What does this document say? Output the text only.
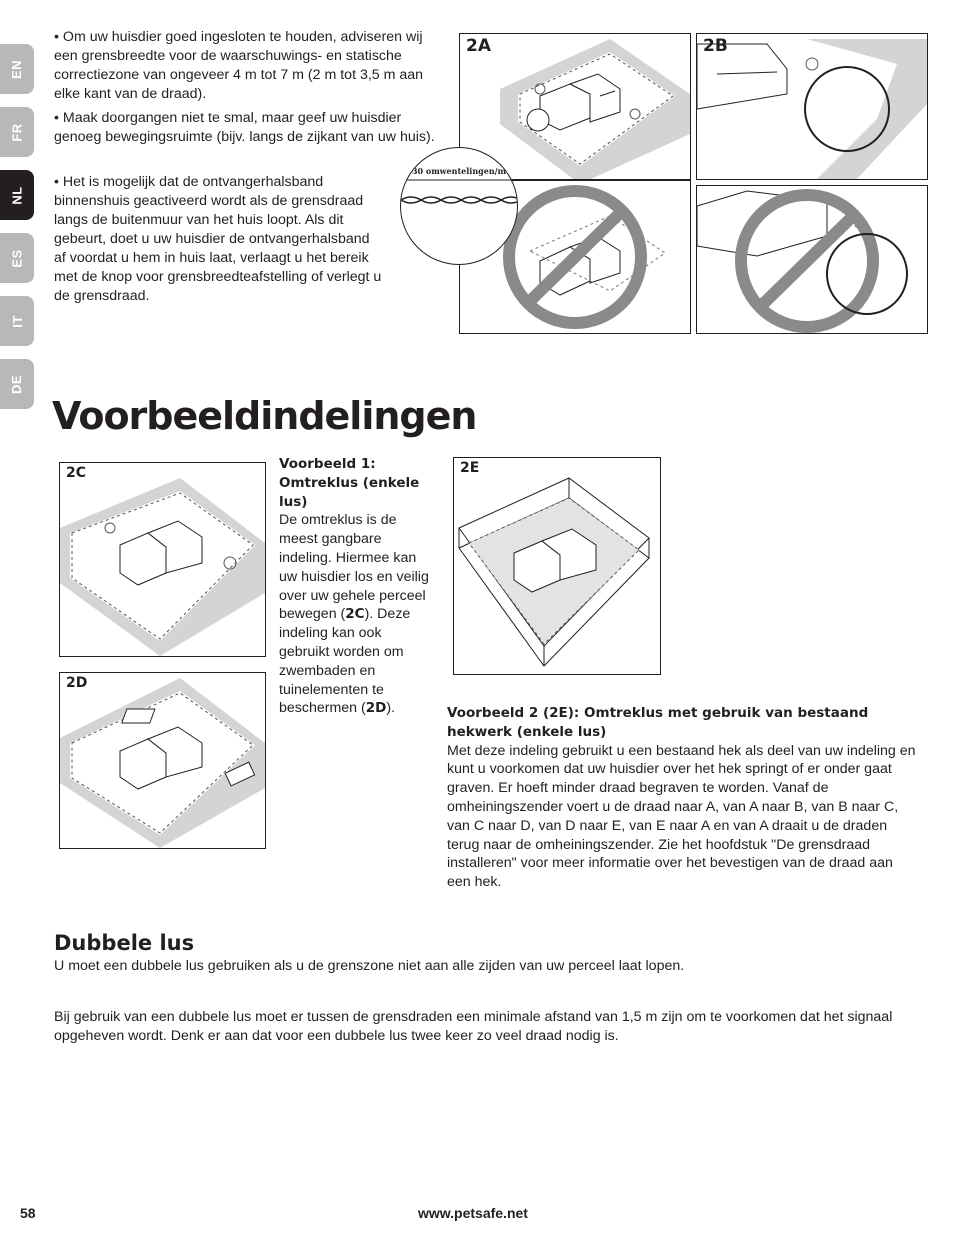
EN
FR
NL
ES
IT
DE
• Om uw huisdier goed ingesloten te houden, adviseren wij een grensbreedte voor de waarschuwings- en statische correctiezone van ongeveer 4 m tot 7 m (2 m tot 3,5 m aan elke kant van de draad).
• Maak doorgangen niet te smal, maar geef uw huisdier genoeg bewegingsruimte (bijv. langs de zijkant van uw huis).
• Het is mogelijk dat de ontvangerhalsband binnenshuis geactiveerd wordt als de grensdraad langs de buitenmuur van het huis loopt. Als dit gebeurt, doet u uw huisdier de ontvangerhalsband af voordat u hem in huis laat, verlaagt u het bereik met de knop voor grensbreedteafstelling of verlegt u de grensdraad.
2A	2B
30 omwentelingen/m
Voorbeeldindelingen
2C
2D
Voorbeeld 1: Omtreklus (enkele lus)
De omtreklus is de meest gangbare indeling. Hiermee kan uw huisdier los en veilig over uw gehele perceel bewegen (2C). Deze indeling kan ook gebruikt worden om zwembaden en tuinelementen te beschermen (2D).
2E
Voorbeeld 2 (2E): Omtreklus met gebruik van bestaand hekwerk (enkele lus)
Met deze indeling gebruikt u een bestaand hek als deel van uw indeling en kunt u voorkomen dat uw huisdier over het hek springt of er onder gaat graven. Er hoeft minder draad begraven te worden. Vanaf de omheiningszender voert u de draad naar A, van A naar B, van B naar C, van C naar D, van D naar E, van E naar A en van A draait u de draden terug naar de omheiningszender. Zie het hoofdstuk "De grensdraad installeren" voor meer informatie over het bevestigen van de draad aan een hek.
Dubbele lus
U moet een dubbele lus gebruiken als u de grenszone niet aan alle zijden van uw perceel laat lopen.
Bij gebruik van een dubbele lus moet er tussen de grensdraden een minimale afstand van 1,5 m zijn om te voorkomen dat het signaal opgeheven wordt. Denk er aan dat voor een dubbele lus twee keer zo veel draad nodig is.
58	www.petsafe.net
